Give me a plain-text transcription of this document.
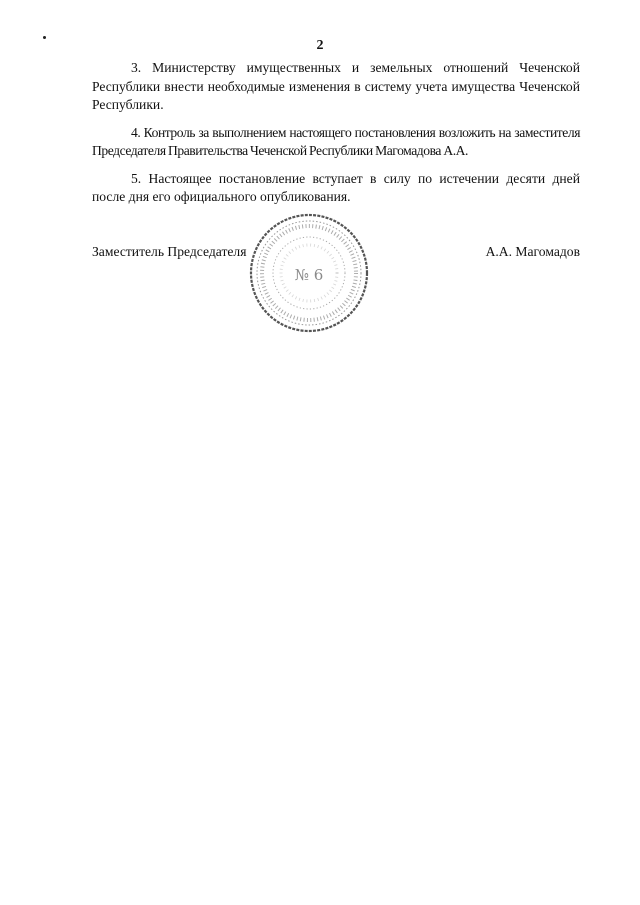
2

3. Министерству имущественных и земельных отношений Чеченской Республики внести необходимые изменения в систему учета имущества Чеченской Республики.

4. Контроль за выполнением настоящего постановления возложить на заместителя Председателя Правительства Чеченской Республики Магомадова А.А.

5. Настоящее постановление вступает в силу по истечении десяти дней после дня его официального опубликования.

Заместитель Председателя	А.А. Магомадов
№ 6
